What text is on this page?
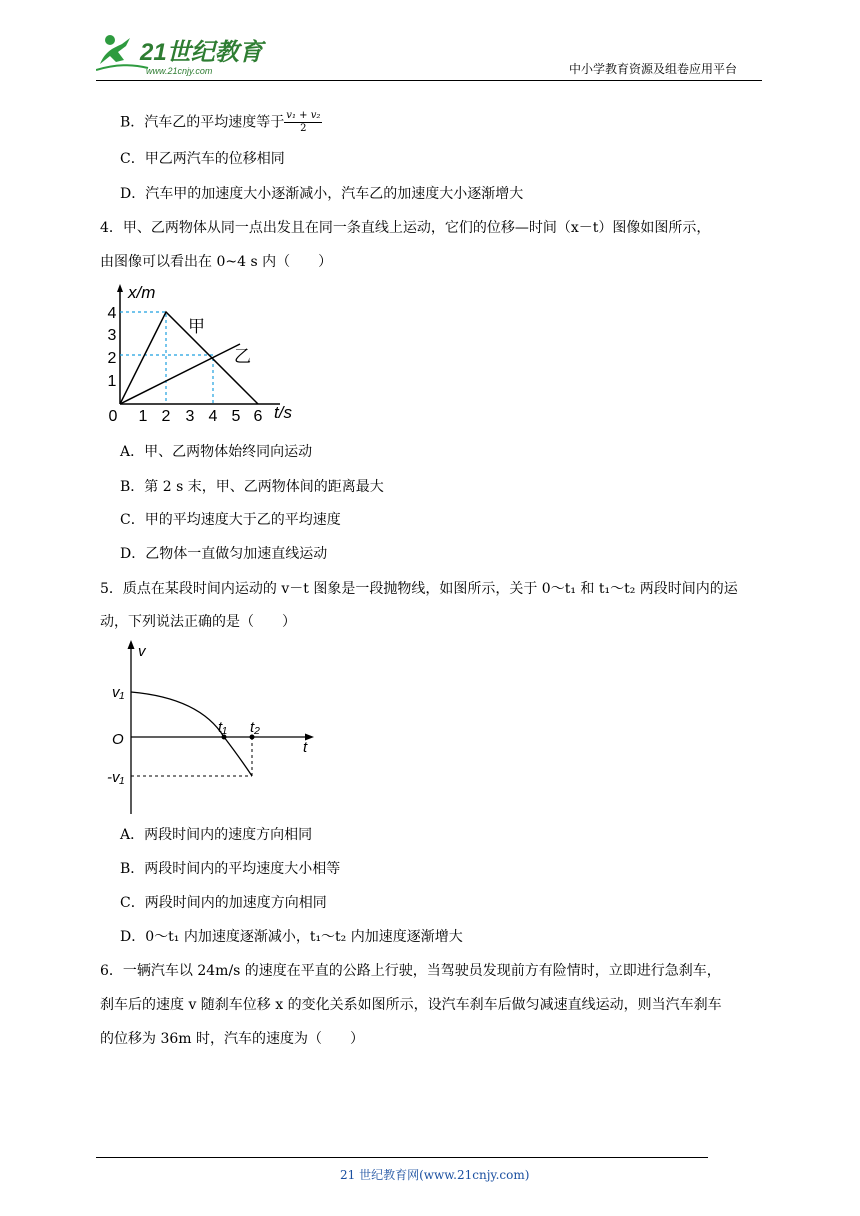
21世纪教育
www.21cnjy.com	中小学教育资源及组卷应用平台
B．汽车乙的平均速度等于 $\frac{\text{v₁ + v₂}}{2}$
C．甲乙两汽车的位移相同
D．汽车甲的加速度大小逐渐减小，汽车乙的加速度大小逐渐增大
4．甲、乙两物体从同一点出发且在同一条直线上运动，它们的位移—时间（x－t）图像如图所示，
由图像可以看出在 0~4 s 内（　　）
x/m
t/s
甲
乙
0 1 2 3 4 5 6
1
2
3
4
A．甲、乙两物体始终同向运动
B．第 2 s 末，甲、乙两物体间的距离最大
C．甲的平均速度大于乙的平均速度
D．乙物体一直做匀加速直线运动
5．质点在某段时间内运动的 v－t 图象是一段抛物线，如图所示，关于 0～t₁ 和 t₁～t₂ 两段时间内的运
动，下列说法正确的是（　　）
v
t
O
v₁
-v₁
t₁ t₂
A．两段时间内的速度方向相同
B．两段时间内的平均速度大小相等
C．两段时间内的加速度方向相同
D．0～t₁ 内加速度逐渐减小，t₁～t₂ 内加速度逐渐增大
6．一辆汽车以 24m/s 的速度在平直的公路上行驶，当驾驶员发现前方有险情时，立即进行急刹车，
刹车后的速度 v 随刹车位移 x 的变化关系如图所示，设汽车刹车后做匀减速直线运动，则当汽车刹车
的位移为 36m 时，汽车的速度为（　　）
21 世纪教育网(www.21cnjy.com)
